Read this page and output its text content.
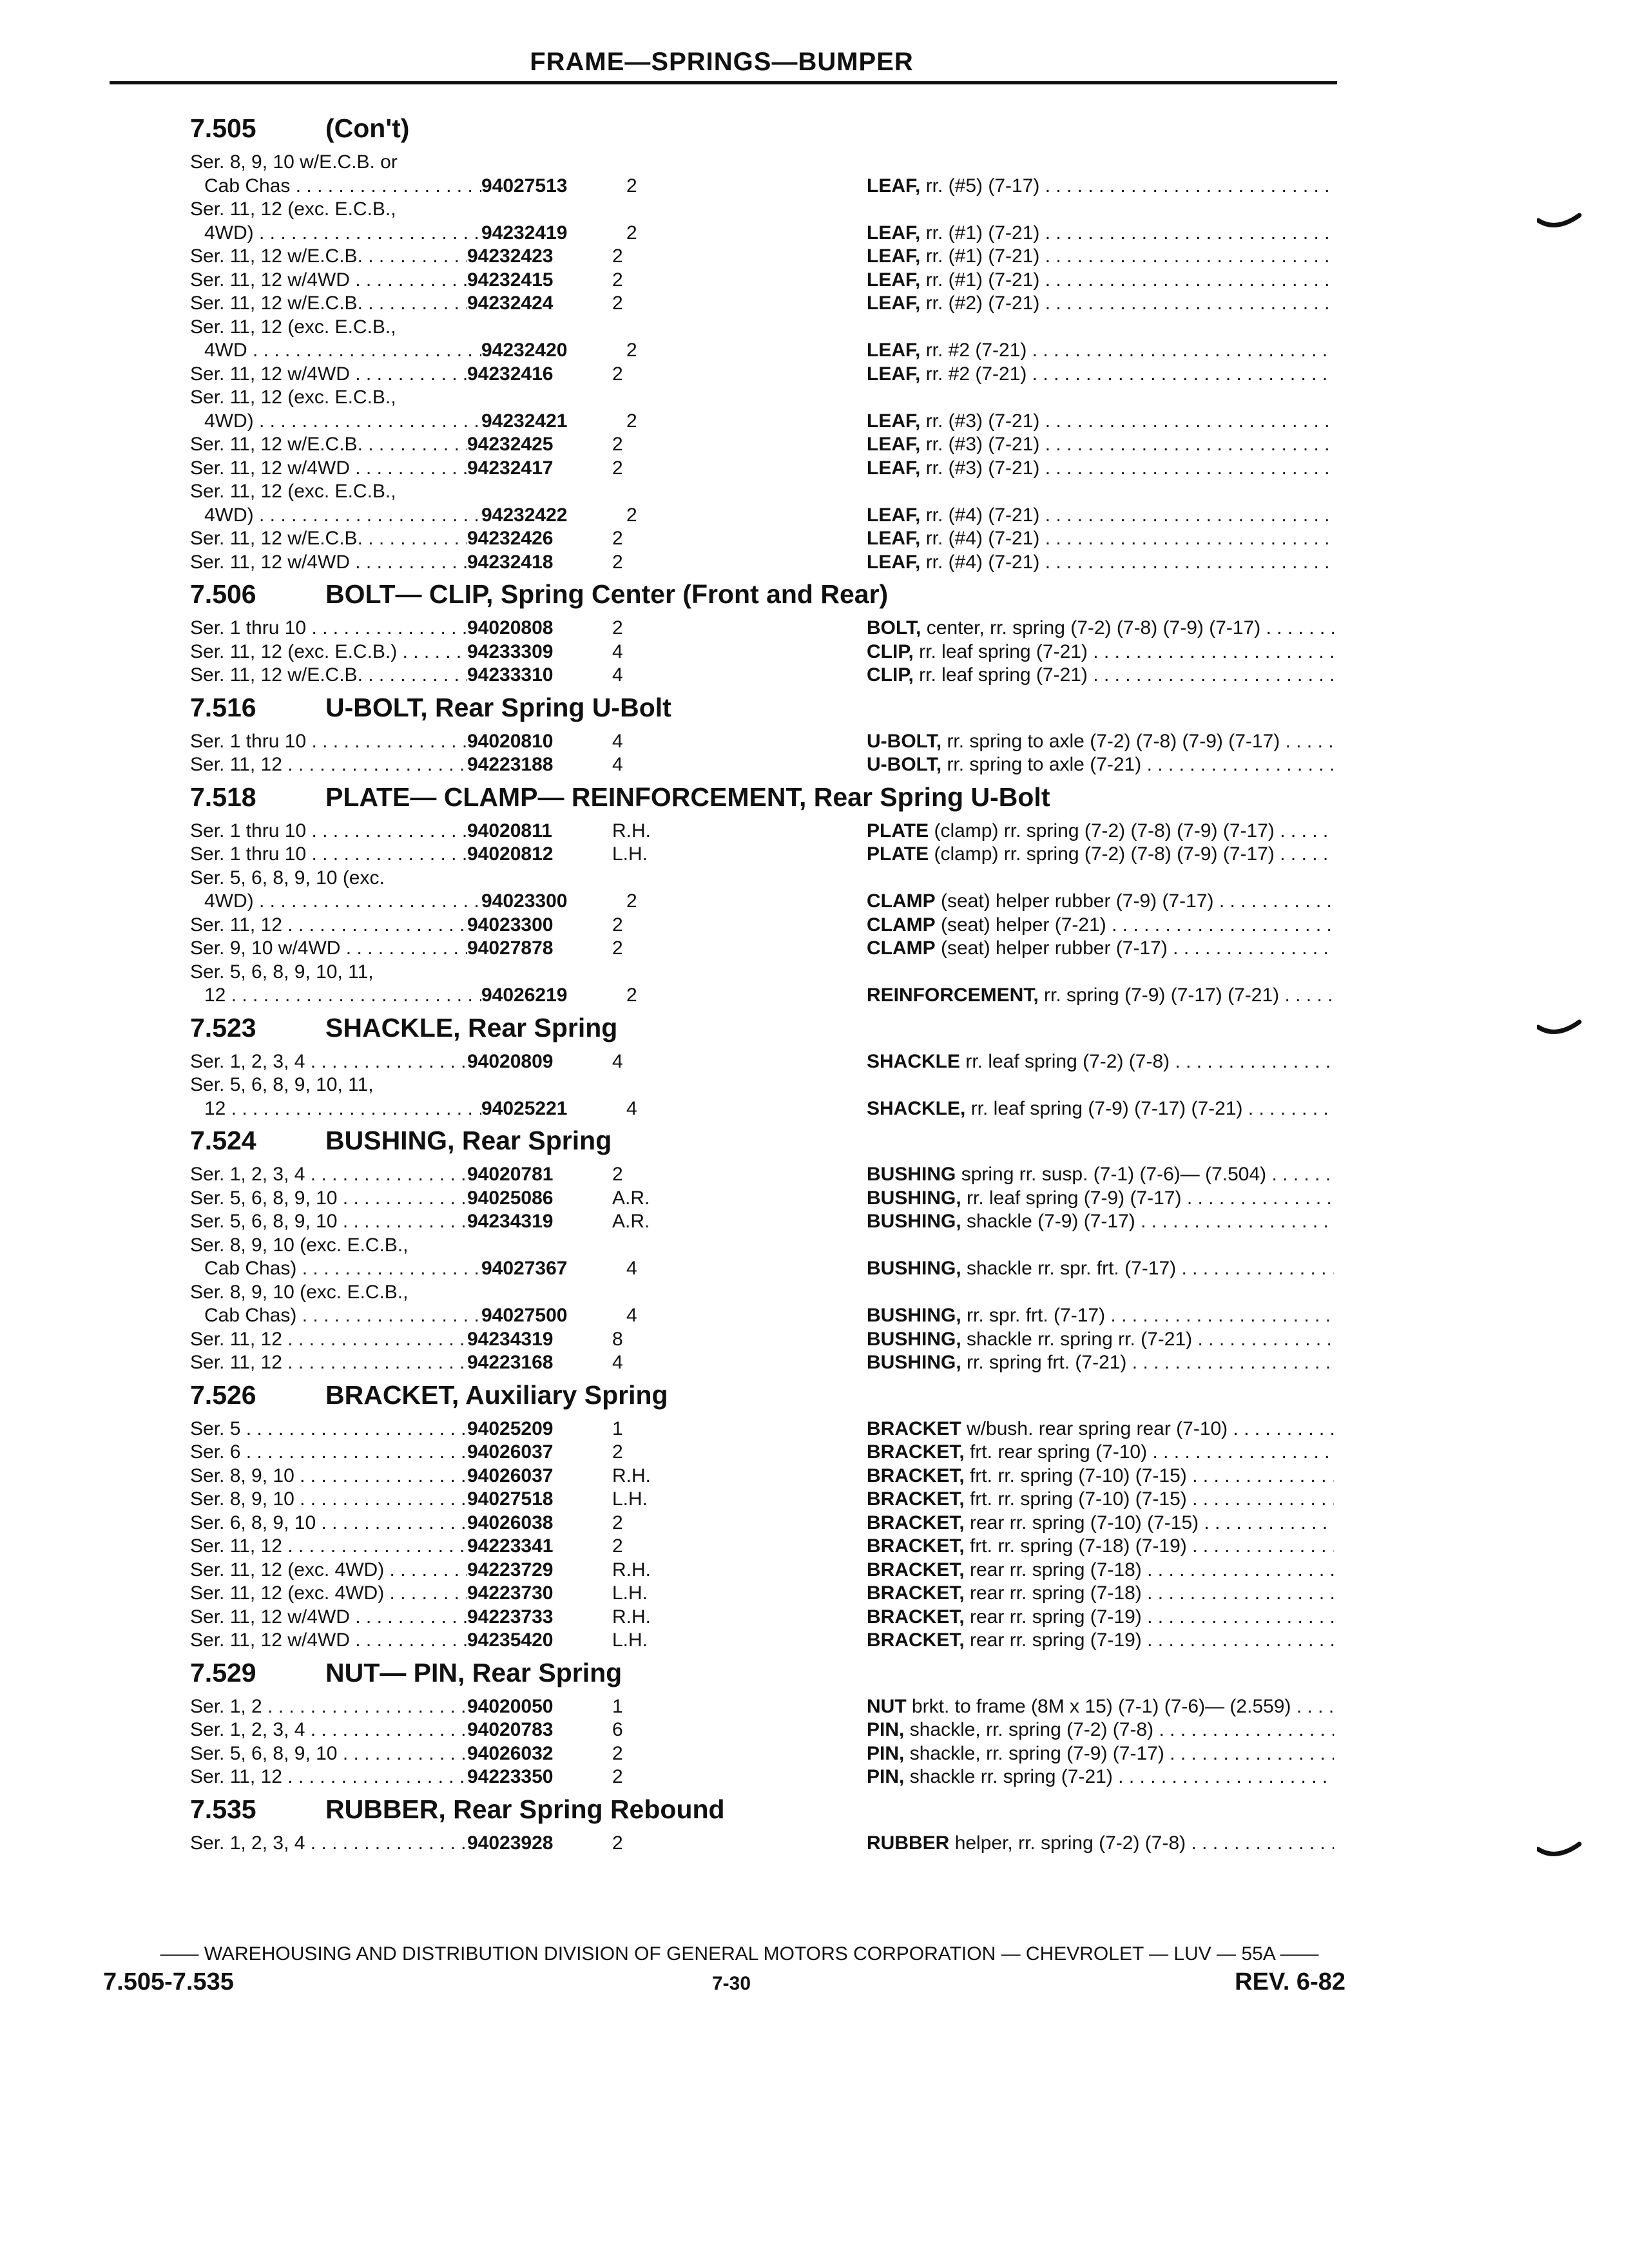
FRAME—SPRINGS—BUMPER
7.505	(Con't)
Ser. 8, 9, 10 w/E.C.B. or
Cab Chas . . .	94027513	2	LEAF, rr. (#5) (7-17) . . .
Ser. 11, 12 (exc. E.C.B.,
4WD) . . .	94232419	2	LEAF, rr. (#1) (7-21) . . .
Ser. 11, 12 w/E.C.B. . . .	94232423	2	LEAF, rr. (#1) (7-21) . . .
Ser. 11, 12 w/4WD . . .	94232415	2	LEAF, rr. (#1) (7-21) . . .
Ser. 11, 12 w/E.C.B. . . .	94232424	2	LEAF, rr. (#2) (7-21) . . .
Ser. 11, 12 (exc. E.C.B.,
4WD . . .	94232420	2	LEAF, rr. #2 (7-21) . . .
Ser. 11, 12 w/4WD . . .	94232416	2	LEAF, rr. #2 (7-21) . . .
Ser. 11, 12 (exc. E.C.B.,
4WD) . . .	94232421	2	LEAF, rr. (#3) (7-21) . . .
Ser. 11, 12 w/E.C.B. . . .	94232425	2	LEAF, rr. (#3) (7-21) . . .
Ser. 11, 12 w/4WD . . .	94232417	2	LEAF, rr. (#3) (7-21) . . .
Ser. 11, 12 (exc. E.C.B.,
4WD) . . .	94232422	2	LEAF, rr. (#4) (7-21) . . .
Ser. 11, 12 w/E.C.B. . . .	94232426	2	LEAF, rr. (#4) (7-21) . . .
Ser. 11, 12 w/4WD . . .	94232418	2	LEAF, rr. (#4) (7-21) . . .
7.506	BOLT— CLIP, Spring Center (Front and Rear)
Ser. 1 thru 10 . . .	94020808	2	BOLT, center, rr. spring (7-2) (7-8) (7-9) (7-17) . . .
Ser. 11, 12 (exc. E.C.B.) . . .	94233309	4	CLIP, rr. leaf spring (7-21) . . .
Ser. 11, 12 w/E.C.B. . . .	94233310	4	CLIP, rr. leaf spring (7-21) . . .
7.516	U-BOLT, Rear Spring U-Bolt
Ser. 1 thru 10 . . .	94020810	4	U-BOLT, rr. spring to axle (7-2) (7-8) (7-9) (7-17) . . .
Ser. 11, 12 . . .	94223188	4	U-BOLT, rr. spring to axle (7-21) . . .
7.518	PLATE— CLAMP— REINFORCEMENT, Rear Spring U-Bolt
Ser. 1 thru 10 . . .	94020811	R.H.	PLATE (clamp) rr. spring (7-2) (7-8) (7-9) (7-17) . . .
Ser. 1 thru 10 . . .	94020812	L.H.	PLATE (clamp) rr. spring (7-2) (7-8) (7-9) (7-17) . . .
Ser. 5, 6, 8, 9, 10 (exc.
4WD) . . .	94023300	2	CLAMP (seat) helper rubber (7-9) (7-17) . . .
Ser. 11, 12 . . .	94023300	2	CLAMP (seat) helper (7-21) . . .
Ser. 9, 10 w/4WD . . .	94027878	2	CLAMP (seat) helper rubber (7-17) . . .
Ser. 5, 6, 8, 9, 10, 11,
12 . . .	94026219	2	REINFORCEMENT, rr. spring (7-9) (7-17) (7-21) . . .
7.523	SHACKLE, Rear Spring
Ser. 1, 2, 3, 4 . . .	94020809	4	SHACKLE rr. leaf spring (7-2) (7-8) . . .
Ser. 5, 6, 8, 9, 10, 11,
12 . . .	94025221	4	SHACKLE, rr. leaf spring (7-9) (7-17) (7-21) . . .
7.524	BUSHING, Rear Spring
Ser. 1, 2, 3, 4 . . .	94020781	2	BUSHING spring rr. susp. (7-1) (7-6)— (7.504) . . .
Ser. 5, 6, 8, 9, 10 . . .	94025086	A.R.	BUSHING, rr. leaf spring (7-9) (7-17) . . .
Ser. 5, 6, 8, 9, 10 . . .	94234319	A.R.	BUSHING, shackle (7-9) (7-17) . . .
Ser. 8, 9, 10 (exc. E.C.B.,
Cab Chas) . . .	94027367	4	BUSHING, shackle rr. spr. frt. (7-17) . . .
Ser. 8, 9, 10 (exc. E.C.B.,
Cab Chas) . . .	94027500	4	BUSHING, rr. spr. frt. (7-17) . . .
Ser. 11, 12 . . .	94234319	8	BUSHING, shackle rr. spring rr. (7-21) . . .
Ser. 11, 12 . . .	94223168	4	BUSHING, rr. spring frt. (7-21) . . .
7.526	BRACKET, Auxiliary Spring
Ser. 5 . . .	94025209	1	BRACKET w/bush. rear spring rear (7-10) . . .
Ser. 6 . . .	94026037	2	BRACKET, frt. rear spring (7-10) . . .
Ser. 8, 9, 10 . . .	94026037	R.H.	BRACKET, frt. rr. spring (7-10) (7-15) . . .
Ser. 8, 9, 10 . . .	94027518	L.H.	BRACKET, frt. rr. spring (7-10) (7-15) . . .
Ser. 6, 8, 9, 10 . . .	94026038	2	BRACKET, rear rr. spring (7-10) (7-15) . . .
Ser. 11, 12 . . .	94223341	2	BRACKET, frt. rr. spring (7-18) (7-19) . . .
Ser. 11, 12 (exc. 4WD) . . .	94223729	R.H.	BRACKET, rear rr. spring (7-18) . . .
Ser. 11, 12 (exc. 4WD) . . .	94223730	L.H.	BRACKET, rear rr. spring (7-18) . . .
Ser. 11, 12 w/4WD . . .	94223733	R.H.	BRACKET, rear rr. spring (7-19) . . .
Ser. 11, 12 w/4WD . . .	94235420	L.H.	BRACKET, rear rr. spring (7-19) . . .
7.529	NUT— PIN, Rear Spring
Ser. 1, 2 . . .	94020050	1	NUT brkt. to frame (8M x 15) (7-1) (7-6)— (2.559) . . .
Ser. 1, 2, 3, 4 . . .	94020783	6	PIN, shackle, rr. spring (7-2) (7-8) . . .
Ser. 5, 6, 8, 9, 10 . . .	94026032	2	PIN, shackle, rr. spring (7-9) (7-17) . . .
Ser. 11, 12 . . .	94223350	2	PIN, shackle rr. spring (7-21) . . .
7.535	RUBBER, Rear Spring Rebound
Ser. 1, 2, 3, 4 . . .	94023928	2	RUBBER helper, rr. spring (7-2) (7-8) . . .
—— WAREHOUSING AND DISTRIBUTION DIVISION OF GENERAL MOTORS CORPORATION — CHEVROLET — LUV — 55A ——
7.505-7.535	7-30	REV. 6-82
